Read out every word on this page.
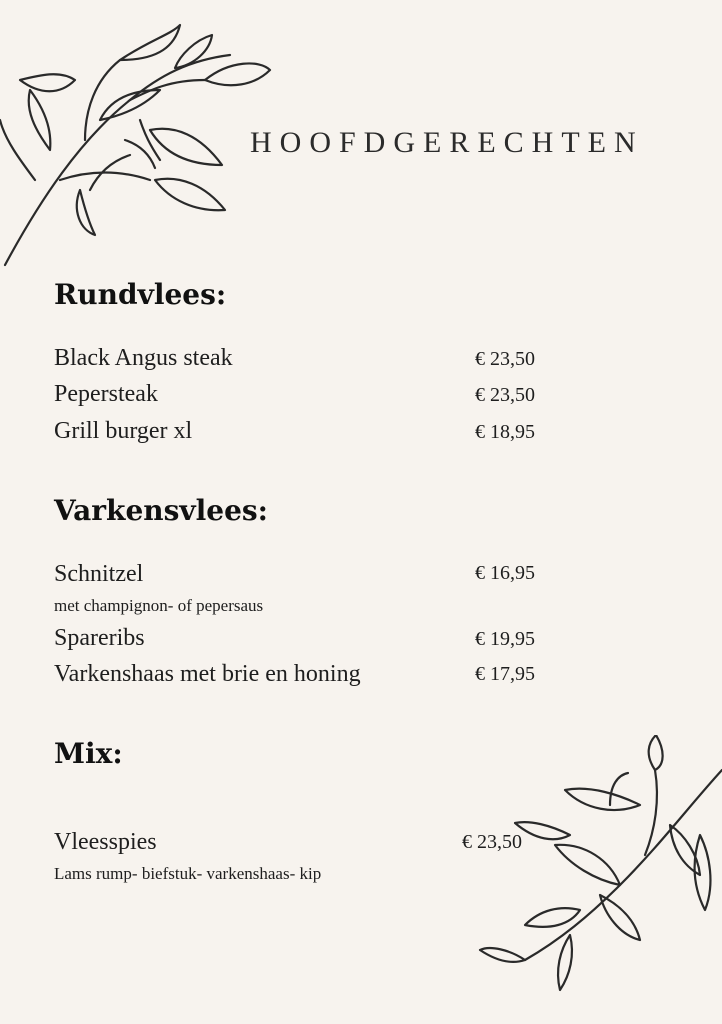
HOOFDGERECHTEN
Rundvlees:
Black Angus steak	€ 23,50
Pepersteak	€ 23,50
Grill burger xl	€ 18,95
Varkensvlees:
Schnitzel	€ 16,95
met champignon- of pepersaus
Spareribs	€ 19,95
Varkenshaas met brie en honing	€ 17,95
Mix:
Vleesspies	€ 23,50
Lams rump- biefstuk- varkenshaas- kip
